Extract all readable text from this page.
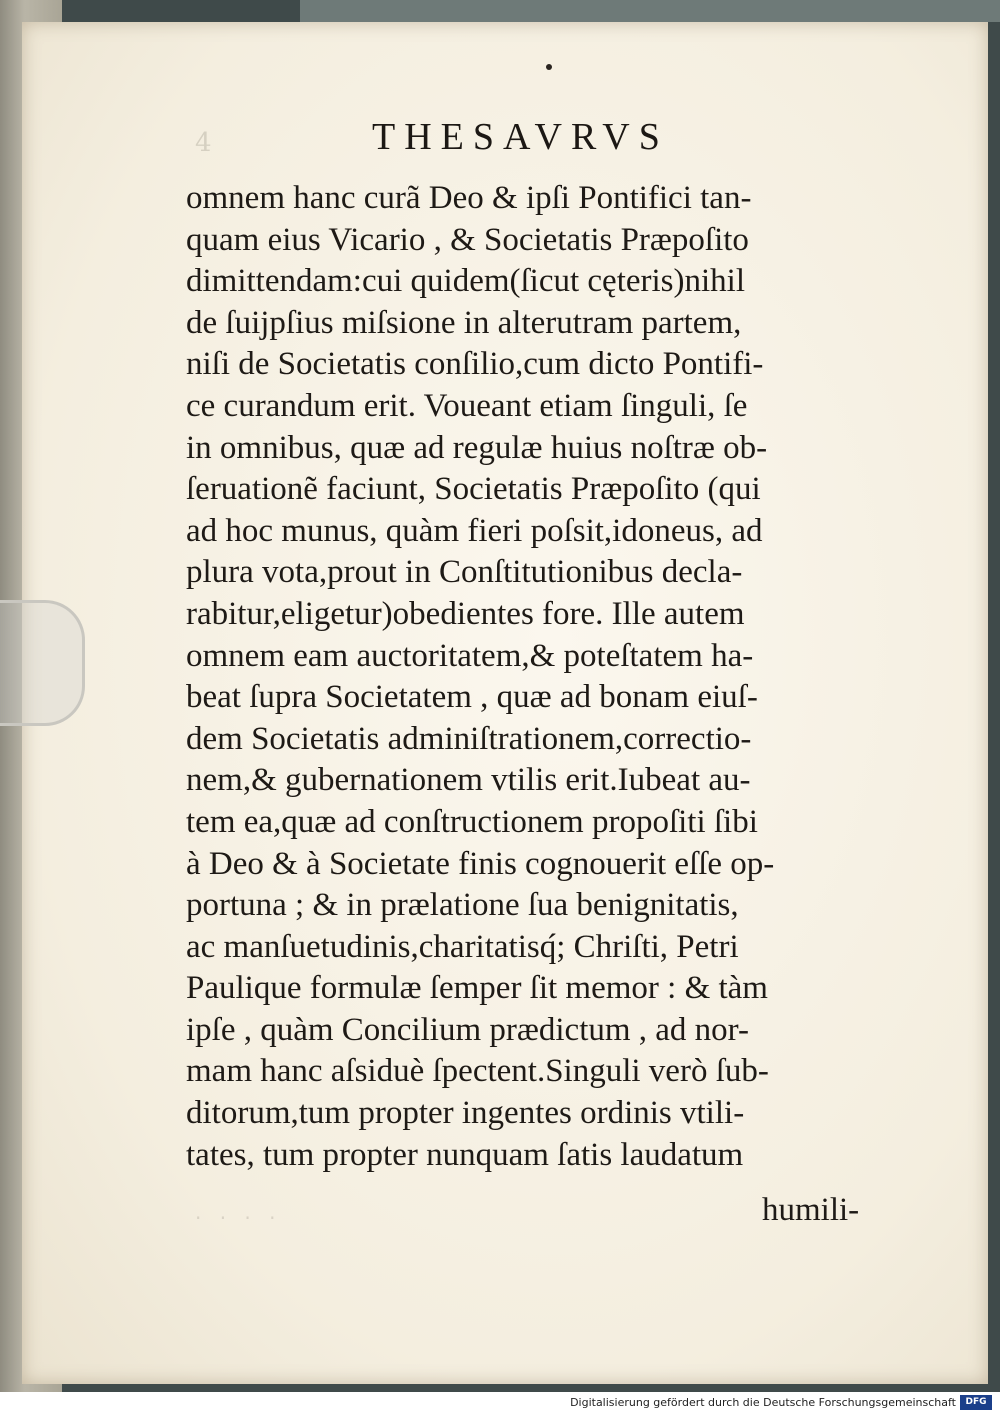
4
· · · ·
THESAVRVS
omnem hanc curã Deo & ipſi Pontifici tan-
quam eius Vicario , & Societatis Præpoſito
dimittendam:cui quidem(ſicut cęteris)nihil
de ſuijpſius miſsione in alterutram partem,
niſi de Societatis conſilio,cum dicto Pontifi-
ce curandum erit. Voueant etiam ſinguli, ſe
in omnibus, quæ ad regulæ huius noſtræ ob-
ſeruationẽ faciunt, Societatis Præpoſito (qui
ad hoc munus, quàm fieri poſsit,idoneus, ad
plura vota,prout in Conſtitutionibus decla-
rabitur,eligetur)obedientes fore. Ille autem
omnem eam auctoritatem,& poteſtatem ha-
beat ſupra Societatem , quæ ad bonam eiuſ-
dem Societatis adminiſtrationem,correctio-
nem,& gubernationem vtilis erit.Iubeat au-
tem ea,quæ ad conſtructionem propoſiti ſibi
à Deo & à Societate finis cognouerit eſſe op-
portuna ; & in prælatione ſua benignitatis,
ac manſuetudinis,charitatisq́; Chriſti, Petri
Paulique formulæ ſemper ſit memor : & tàm
ipſe , quàm Concilium prædictum , ad nor-
mam hanc aſsiduè ſpectent.Singuli verò ſub-
ditorum,tum propter ingentes ordinis vtili-
tates, tum propter nunquam ſatis laudatum
humili-
Digitalisierung gefördert durch die Deutsche Forschungsgemeinschaft	DFG
